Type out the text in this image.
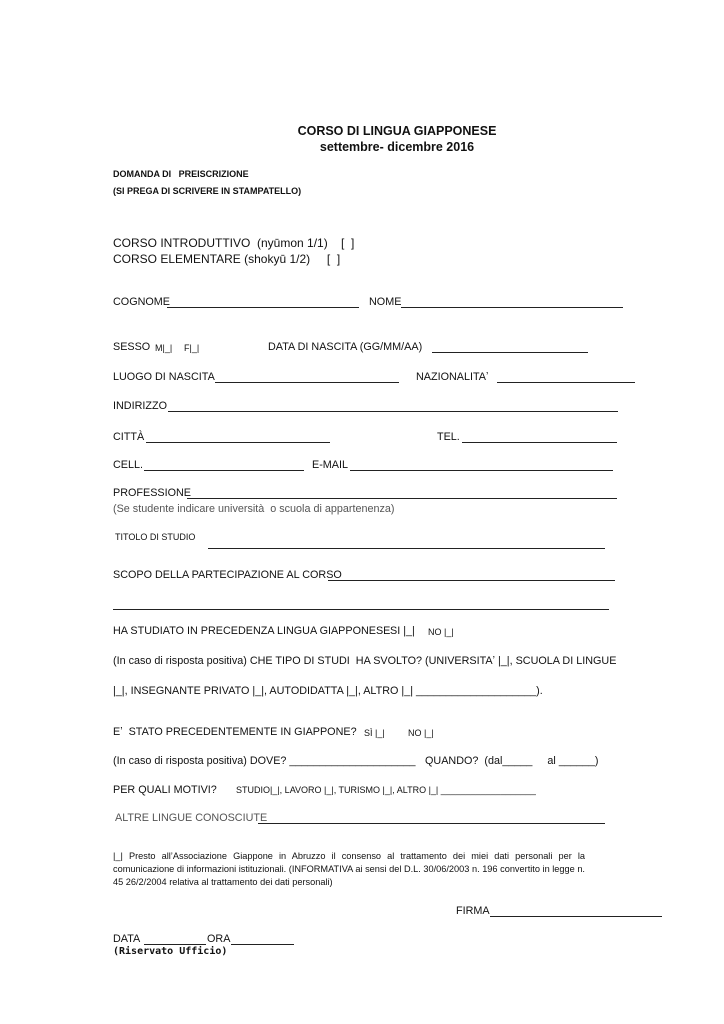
CORSO DI LINGUA GIAPPONESE
settembre- dicembre 2016
DOMANDA DI   PREISCRIZIONE
(SI PREGA DI SCRIVERE IN STAMPATELLO)
CORSO INTRODUTTIVO  (nyūmon 1/1)    [  ]
CORSO ELEMENTARE (shokyū 1/2)     [  ]
COGNOME	NOME
SESSO M|_| F|_|	DATA DI NASCITA (GG/MM/AA)
LUOGO DI NASCITA	NAZIONALITAʼ
INDIRIZZO
CITTÀ	TEL.
CELL.	E-MAIL
PROFESSIONE
(Se studente indicare università  o scuola di appartenenza)
TITOLO DI STUDIO
SCOPO DELLA PARTECIPAZIONE AL CORSO
HA STUDIATO IN PRECEDENZA LINGUA GIAPPONESE SI |_| NO |_|
(In caso di risposta positiva) CHE TIPO DI STUDI  HA SVOLTO? (UNIVERSITAʼ |_|, SCUOLA DI LINGUE
|_|, INSEGNANTE PRIVATO |_|, AUTODIDATTA |_|, ALTRO |_| ____________________).
Eʼ  STATO PRECEDENTEMENTE IN GIAPPONE? SÌ |_|	NO |_|
(In caso di risposta positiva) DOVE? _____________________ QUANDO?  (dal_____     al ______)
PER QUALI MOTIVI? STUDIO|_|, LAVORO |_|, TURISMO |_|, ALTRO |_| ___________________
ALTRE LINGUE CONOSCIUTE
|_| Presto all’Associazione Giappone in Abruzzo il consenso al trattamento dei miei dati personali per la comunicazione di informazioni istituzionali. (INFORMATIVA ai sensi del D.L. 30/06/2003 n. 196 convertito in legge n. 45 26/2/2004 relativa al trattamento dei dati personali)
FIRMA
DATA	ORA
(Riservato Ufficio)
